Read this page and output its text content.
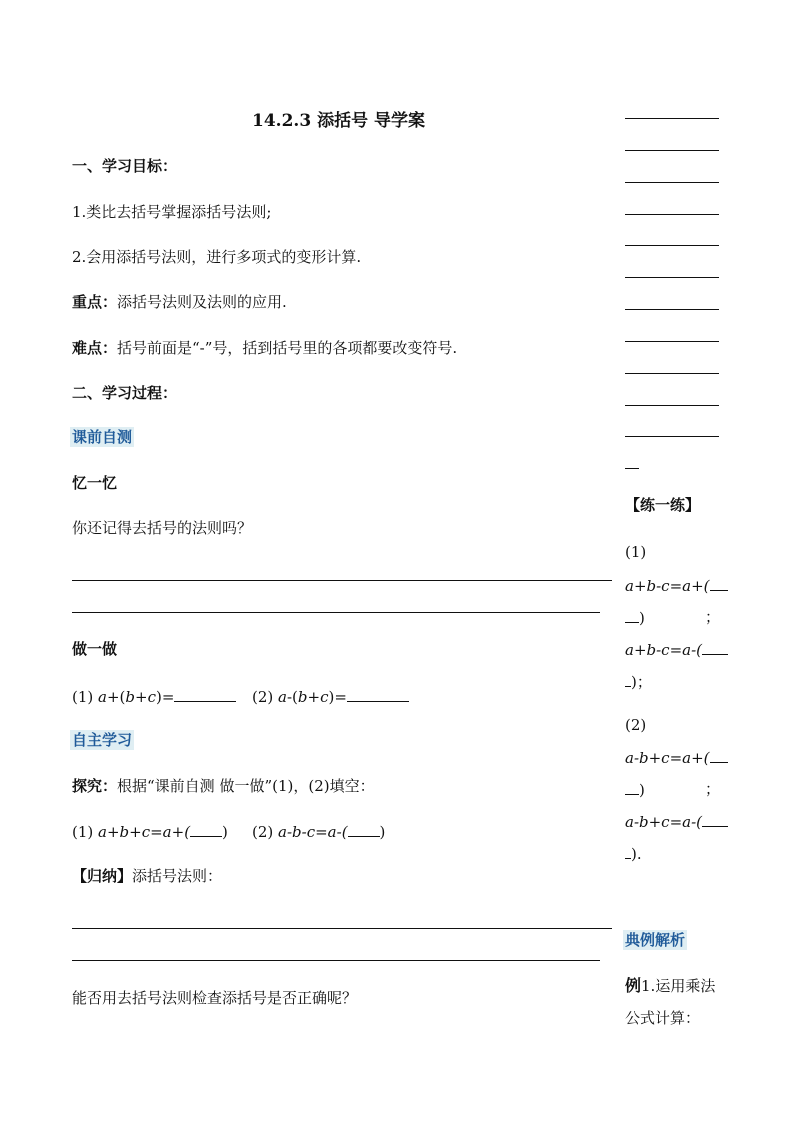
14.2.3 添括号 导学案
一、学习目标：
1.类比去括号掌握添括号法则;
2.会用添括号法则，进行多项式的变形计算.
重点：添括号法则及法则的应用.
难点：括号前面是“-”号，括到括号里的各项都要改变符号.
二、学习过程：
课前自测
忆一忆
你还记得去括号的法则吗？
做一做
(1) a+(b+c)=	(2) a-(b+c)=
自主学习
探究：根据“课前自测 做一做”(1)，(2)填空：
(1) a+b+c=a+( ) (2) a-b-c=a-( )
【归纳】添括号法则：
能否用去括号法则检查添括号是否正确呢？
【练一练】
(1)
a+b-c=a+(
)	；
a+b-c=a-(
)；
(2)
a-b+c=a+(
)	；
a-b+c=a-(
).
典例解析
例1.运用乘法
公式计算：
